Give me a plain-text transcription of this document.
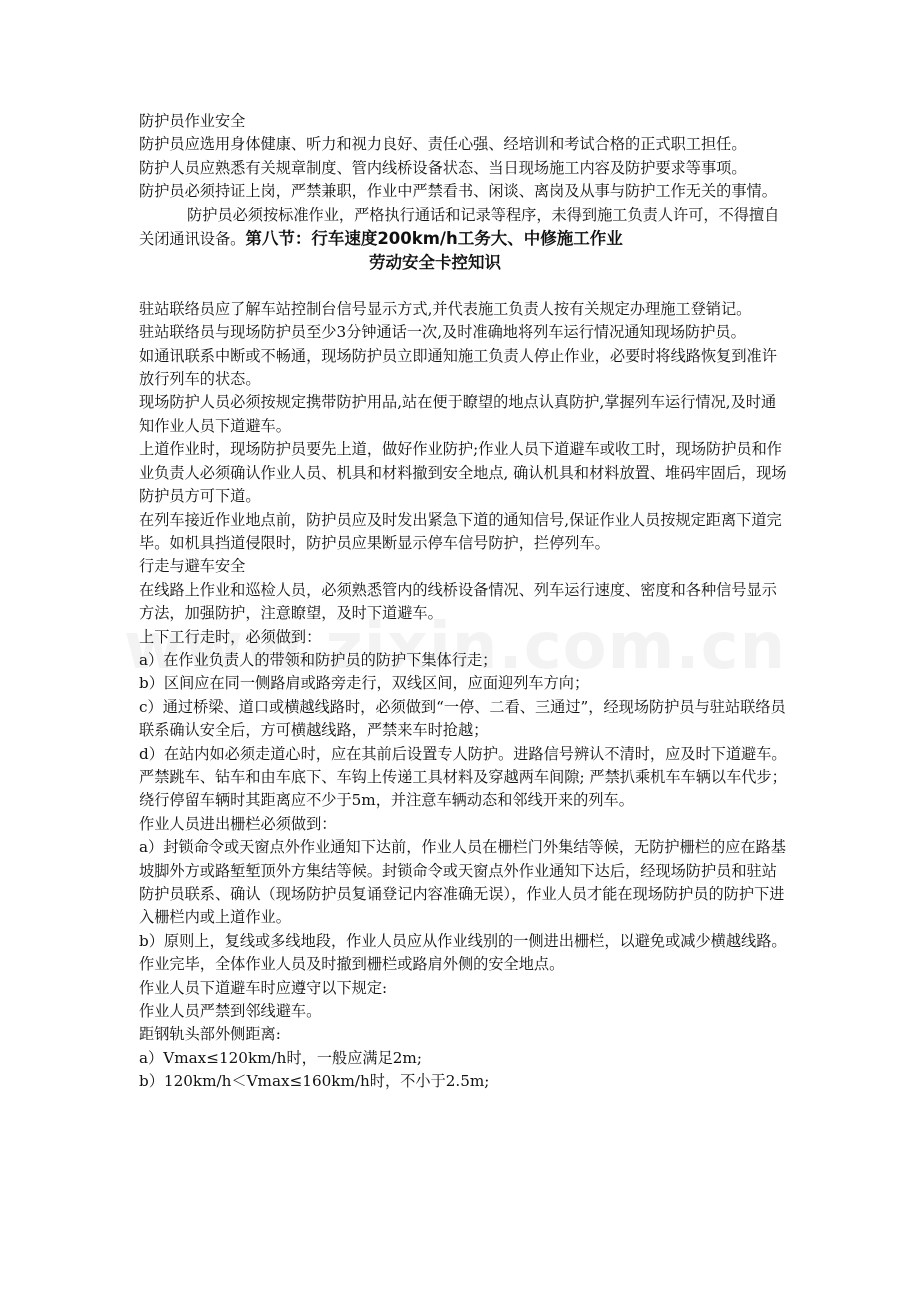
防护员作业安全

防护员应选用身体健康、听力和视力良好、责任心强、经培训和考试合格的正式职工担任。

防护人员应熟悉有关规章制度、管内线桥设备状态、当日现场施工内容及防护要求等事项。

防护员必须持证上岗，严禁兼职，作业中严禁看书、闲谈、离岗及从事与防护工作无关的事情。

防护员必须按标准作业，严格执行通话和记录等程序，未得到施工负责人许可，不得擅自关闭通讯设备。第八节：行车速度200km/h工务大、中修施工作业
劳动安全卡控知识

驻站联络员应了解车站控制台信号显示方式,并代表施工负责人按有关规定办理施工登销记。

驻站联络员与现场防护员至少3分钟通话一次,及时准确地将列车运行情况通知现场防护员。

如通讯联系中断或不畅通，现场防护员立即通知施工负责人停止作业，必要时将线路恢复到准许放行列车的状态。

现场防护人员必须按规定携带防护用品,站在便于瞭望的地点认真防护,掌握列车运行情况,及时通知作业人员下道避车。

上道作业时，现场防护员要先上道，做好作业防护;作业人员下道避车或收工时，现场防护员和作业负责人必须确认作业人员、机具和材料撤到安全地点, 确认机具和材料放置、堆码牢固后，现场防护员方可下道。

在列车接近作业地点前，防护员应及时发出紧急下道的通知信号,保证作业人员按规定距离下道完毕。如机具挡道侵限时，防护员应果断显示停车信号防护，拦停列车。

行走与避车安全

在线路上作业和巡检人员，必须熟悉管内的线桥设备情况、列车运行速度、密度和各种信号显示方法，加强防护，注意瞭望，及时下道避车。

上下工行走时，必须做到：

a）在作业负责人的带领和防护员的防护下集体行走；

b）区间应在同一侧路肩或路旁走行，双线区间，应面迎列车方向；

c）通过桥梁、道口或横越线路时，必须做到“一停、二看、三通过”，经现场防护员与驻站联络员联系确认安全后，方可横越线路，严禁来车时抢越；

d）在站内如必须走道心时，应在其前后设置专人防护。进路信号辨认不清时，应及时下道避车。

严禁跳车、钻车和由车底下、车钩上传递工具材料及穿越两车间隙; 严禁扒乘机车车辆以车代步；绕行停留车辆时其距离应不少于5m，并注意车辆动态和邻线开来的列车。

作业人员进出栅栏必须做到：

a）封锁命令或天窗点外作业通知下达前，作业人员在栅栏门外集结等候，无防护栅栏的应在路基坡脚外方或路堑堑顶外方集结等候。封锁命令或天窗点外作业通知下达后，经现场防护员和驻站防护员联系、确认（现场防护员复诵登记内容准确无误），作业人员才能在现场防护员的防护下进入栅栏内或上道作业。

b）原则上，复线或多线地段，作业人员应从作业线别的一侧进出栅栏，以避免或减少横越线路。作业完毕，全体作业人员及时撤到栅栏或路肩外侧的安全地点。

作业人员下道避车时应遵守以下规定:

作业人员严禁到邻线避车。

距钢轨头部外侧距离:

a）Vmax≤120km/h时，一般应满足2m;

b）120km/h＜Vmax≤160km/h时，不小于2.5m;
